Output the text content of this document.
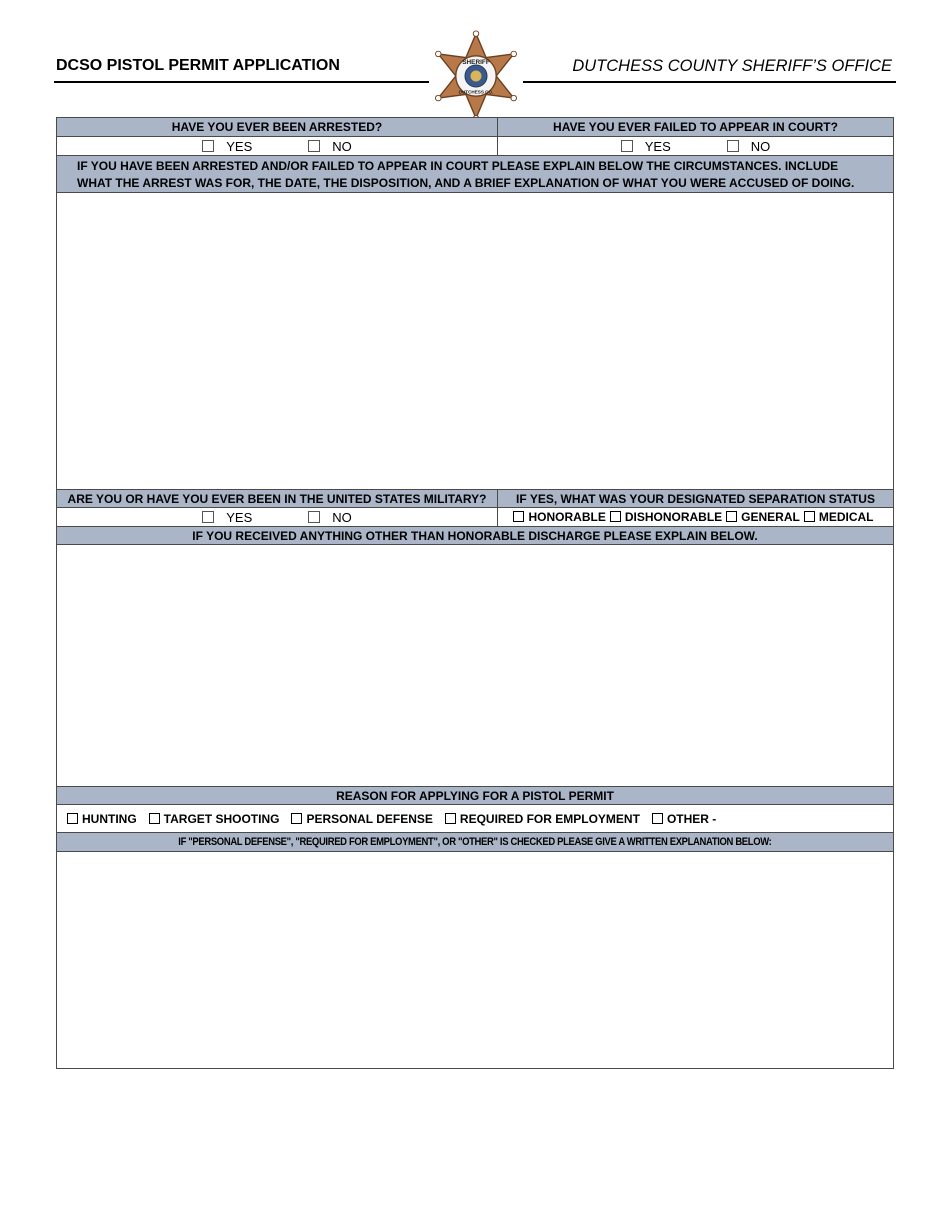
DCSO PISTOL PERMIT APPLICATION	DUTCHESS COUNTY SHERIFF’S OFFICE
SHERIFF
DUTCHESS CO.
HAVE YOU EVER BEEN ARRESTED?	HAVE YOU EVER FAILED TO APPEAR IN COURT?
YES	NO	YES	NO
IF YOU HAVE BEEN ARRESTED AND/OR FAILED TO APPEAR IN COURT PLEASE EXPLAIN BELOW THE CIRCUMSTANCES. INCLUDE WHAT THE ARREST WAS FOR, THE DATE, THE DISPOSITION, AND A BRIEF EXPLANATION OF WHAT YOU WERE ACCUSED OF DOING.
ARE YOU OR HAVE YOU EVER BEEN IN THE UNITED STATES MILITARY?	IF YES, WHAT WAS YOUR DESIGNATED SEPARATION STATUS
YES	NO	HONORABLE	DISHONORABLE	GENERAL	MEDICAL
IF YOU RECEIVED ANYTHING OTHER THAN HONORABLE DISCHARGE PLEASE EXPLAIN BELOW.
REASON FOR APPLYING FOR A PISTOL PERMIT
HUNTING TARGET SHOOTING PERSONAL DEFENSE REQUIRED FOR EMPLOYMENT OTHER -
IF "PERSONAL DEFENSE", "REQUIRED FOR EMPLOYMENT", OR "OTHER" IS CHECKED PLEASE GIVE A WRITTEN EXPLANATION BELOW:
